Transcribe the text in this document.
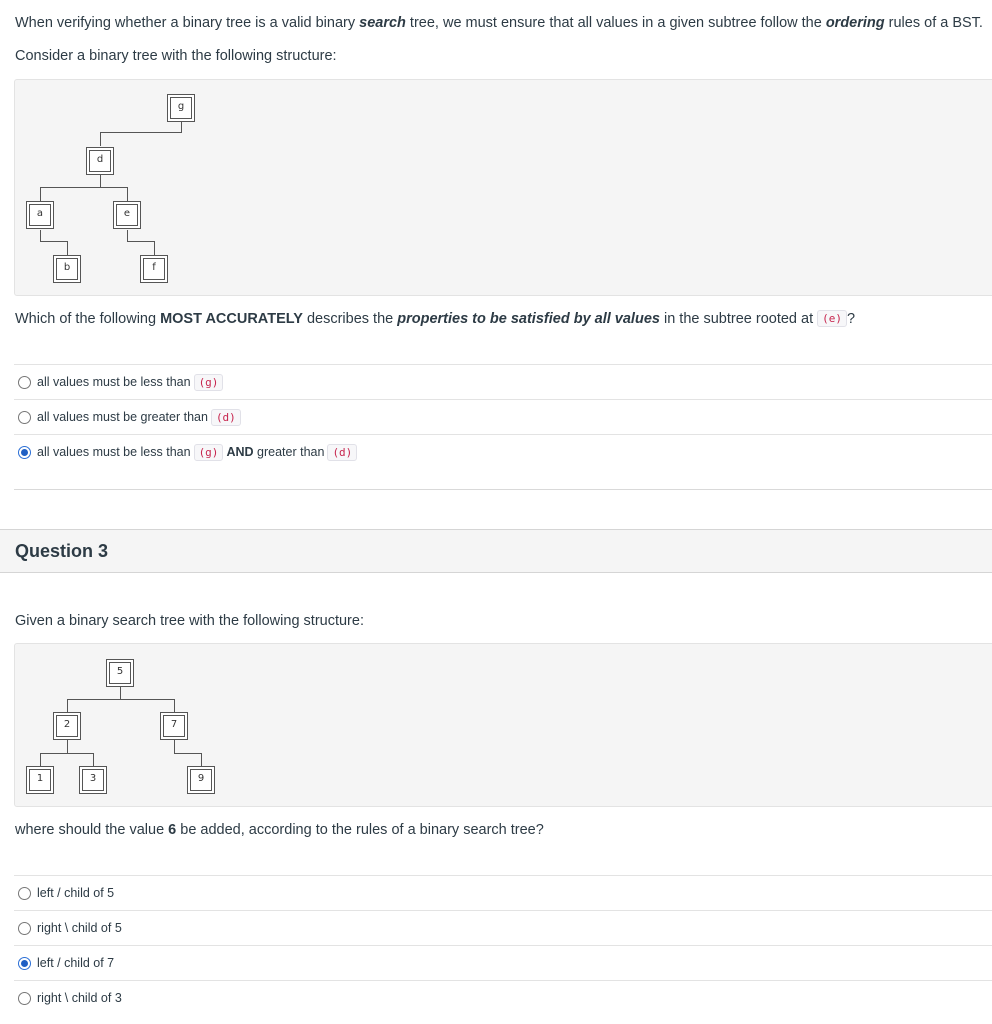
When verifying whether a binary tree is a valid binary search tree, we must ensure that all values in a given subtree follow the ordering rules of a BST.
Consider a binary tree with the following structure:
g
d
a	e
b	f
Which of the following MOST ACCURATELY describes the properties to be satisfied by all values in the subtree rooted at (e) ?
all values must be less than (g)
all values must be greater than (d)
all values must be less than (g) AND
greater than (d)
Question 3
Given a binary search tree with the following structure:
5
2	7
1	3	9
where should the value 6 be added, according to the rules of a binary search tree?
left / child of 5
right \ child of 5
left / child of 7
right \ child of 3
